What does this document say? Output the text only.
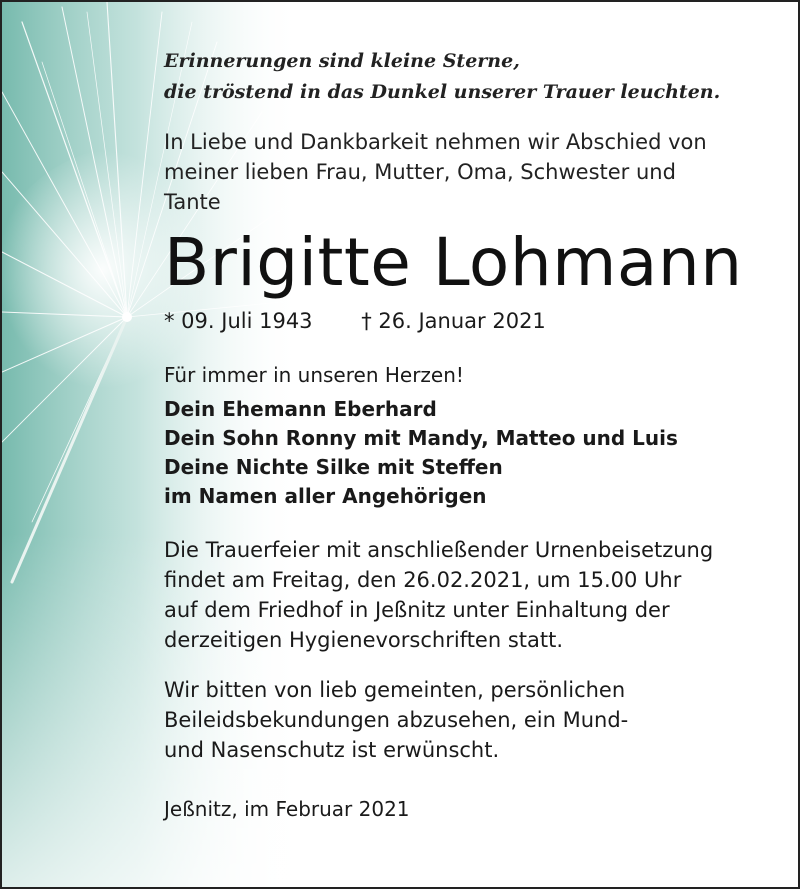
Erinnerungen sind kleine Sterne,
die tröstend in das Dunkel unserer Trauer leuchten.
In Liebe und Dankbarkeit nehmen wir Abschied von
meiner lieben Frau, Mutter, Oma, Schwester und
Tante
Brigitte Lohmann
* 09. Juli 1943 † 26. Januar 2021
Für immer in unseren Herzen!
Dein Ehemann Eberhard
Dein Sohn Ronny mit Mandy, Matteo und Luis
Deine Nichte Silke mit Steffen
im Namen aller Angehörigen
Die Trauerfeier mit anschließender Urnenbeisetzung
findet am Freitag, den 26.02.2021, um 15.00 Uhr
auf dem Friedhof in Jeßnitz unter Einhaltung der
derzeitigen Hygienevorschriften statt.
Wir bitten von lieb gemeinten, persönlichen
Beileidsbekundungen abzusehen, ein Mund-
und Nasenschutz ist erwünscht.
Jeßnitz, im Februar 2021
